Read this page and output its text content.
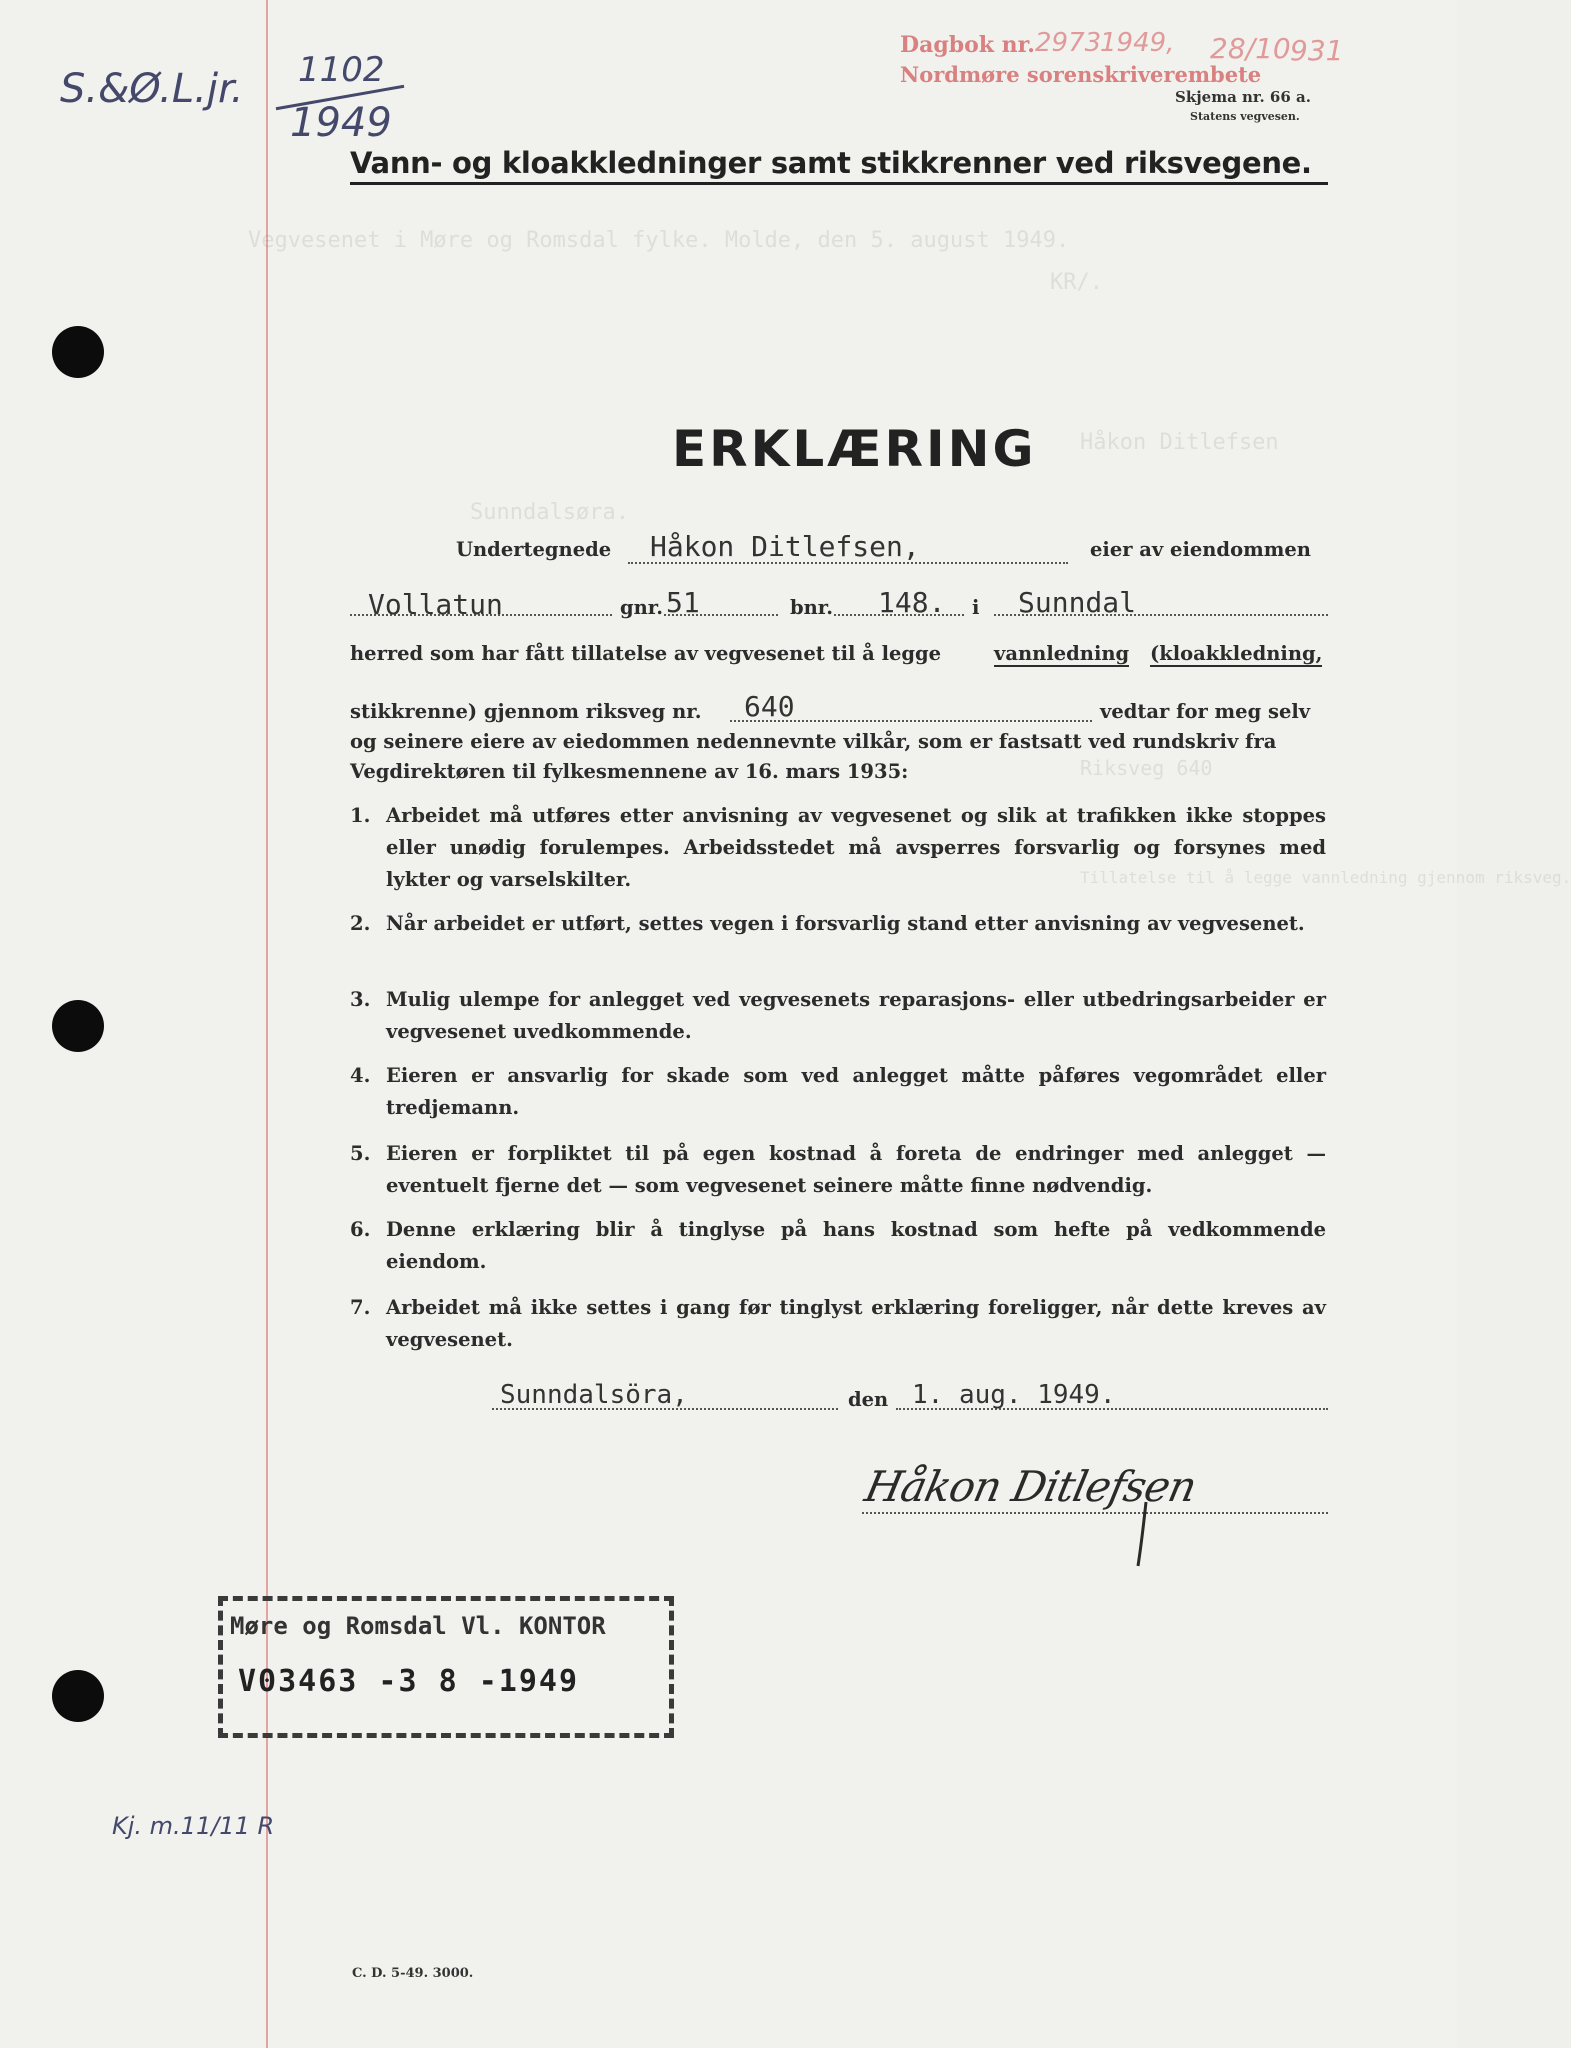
S.&Ø.L.jr. 1102
1949
Dagbok nr. 2973
1949, 28/10 931
Nordmøre sorenskriverembete
Skjema nr. 66 a.
Statens vegvesen.
Vann- og kloakkledninger samt stikkrenner ved riksvegene.
Vegvesenet i Møre og Romsdal fylke. Molde, den 5. august 1949.
KR/.
Håkon Ditlefsen
Sunndalsøra.
Riksveg 640
Tillatelse til å legge vannledning gjennom riksveg.
ERKLÆRING
Undertegnede Håkon Ditlefsen,	eier av eiendommen
Vollatun	gnr. 51	bnr. 148. i Sunndal
herred som har fått tillatelse av vegvesenet til å legge	vannledning (kloakkledning,
stikkrenne) gjennom riksveg nr. 640	vedtar for meg selv
og seinere eiere av eiedommen nedennevnte vilkår, som er fastsatt ved rundskriv fra
Vegdirektøren til fylkesmennene av 16. mars 1935:
1. Arbeidet må utføres etter anvisning av vegvesenet og slik at trafikken ikke stoppes eller unødig forulempes. Arbeidsstedet må avsperres forsvarlig og forsynes med lykter og varselskilter.
2. Når arbeidet er utført, settes vegen i forsvarlig stand etter anvisning av vegvesenet.
3. Mulig ulempe for anlegget ved vegvesenets reparasjons- eller utbedringsarbeider er vegvesenet uvedkommende.
4. Eieren er ansvarlig for skade som ved anlegget måtte påføres vegområdet eller tredjemann.
5. Eieren er forpliktet til på egen kostnad å foreta de endringer med anlegget — eventuelt fjerne det — som vegvesenet seinere måtte finne nødvendig.
6. Denne erklæring blir å tinglyse på hans kostnad som hefte på vedkommende eiendom.
7. Arbeidet må ikke settes i gang før tinglyst erklæring foreligger, når dette kreves av vegvesenet.
Sunndalsöra,	den 1. aug. 1949.
Håkon Ditlefsen
Møre og Romsdal Vl. KONTOR
V03463 -3 8 -1949
Kj. m.11/11 R
C. D. 5-49. 3000.
